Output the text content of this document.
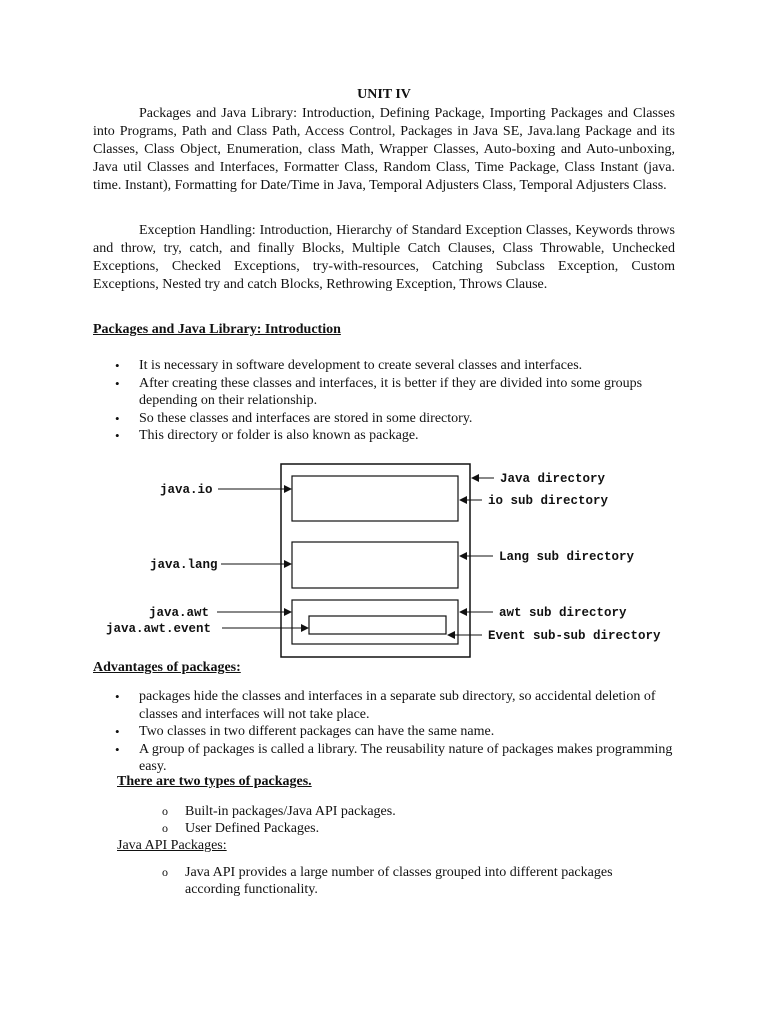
UNIT IV

Packages and Java Library: Introduction, Defining Package, Importing Packages and Classes into Programs, Path and Class Path, Access Control, Packages in Java SE, Java.lang Package and its Classes, Class Object, Enumeration, class Math, Wrapper Classes, Auto-boxing and Auto-unboxing, Java util Classes and Interfaces, Formatter Class, Random Class, Time Package, Class Instant (java. time. Instant), Formatting for Date/Time in Java, Temporal Adjusters Class, Temporal Adjusters Class.

Exception Handling: Introduction, Hierarchy of Standard Exception Classes, Keywords throws and throw, try, catch, and finally Blocks, Multiple Catch Clauses, Class Throwable, Unchecked Exceptions, Checked Exceptions, try-with-resources, Catching Subclass Exception, Custom Exceptions, Nested try and catch Blocks, Rethrowing Exception, Throws Clause.

Packages and Java Library: Introduction
• It is necessary in software development to create several classes and interfaces.
• After creating these classes and interfaces, it is better if they are divided into some groups depending on their relationship.
• So these classes and interfaces are stored in some directory.
• This directory or folder is also known as package.
java.io
java.lang
java.awt
java.awt.event
Java directory
io sub directory
Lang sub directory
awt sub directory
Event sub-sub directory
Advantages of packages:
• packages hide the classes and interfaces in a separate sub directory, so accidental deletion of classes and interfaces will not take place.
• Two classes in two different packages can have the same name.
• A group of packages is called a library. The reusability nature of packages makes programming easy.
There are two types of packages.
o Built-in packages/Java API packages.
o User Defined Packages.
Java API Packages:
o Java API provides a large number of classes grouped into different packages according functionality.
